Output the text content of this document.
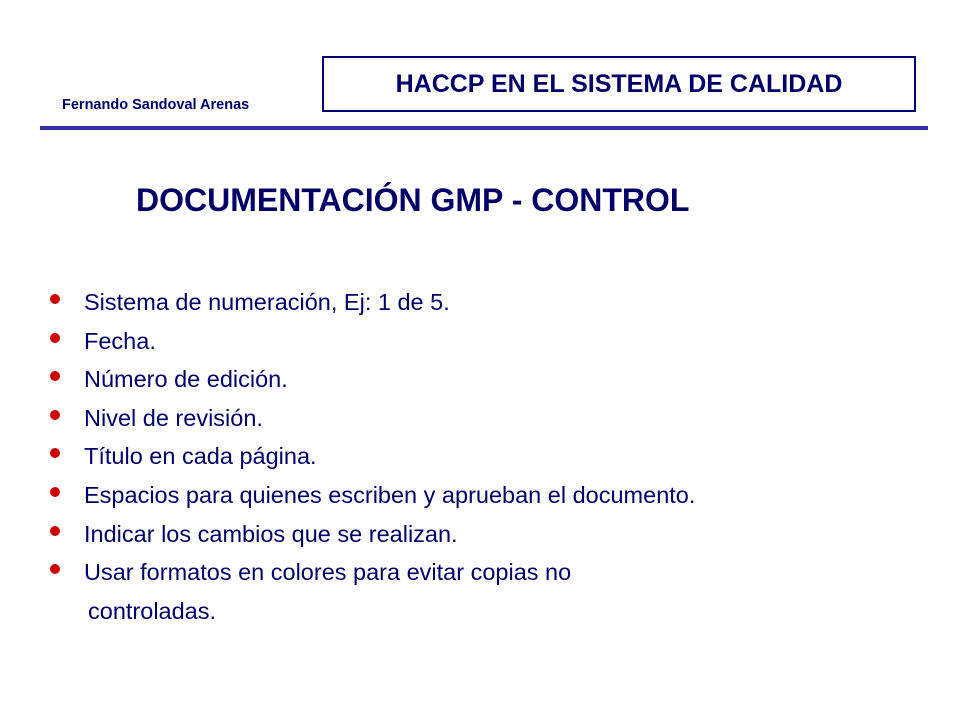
Fernando Sandoval Arenas
HACCP EN EL SISTEMA DE CALIDAD
DOCUMENTACIÓN GMP - CONTROL
Sistema de numeración, Ej: 1 de 5.
Fecha.
Número de edición.
Nivel de revisión.
Título en cada página.
Espacios para quienes escriben y aprueban el documento.
Indicar los cambios que se realizan.
Usar formatos en colores para evitar copias no
controladas.
